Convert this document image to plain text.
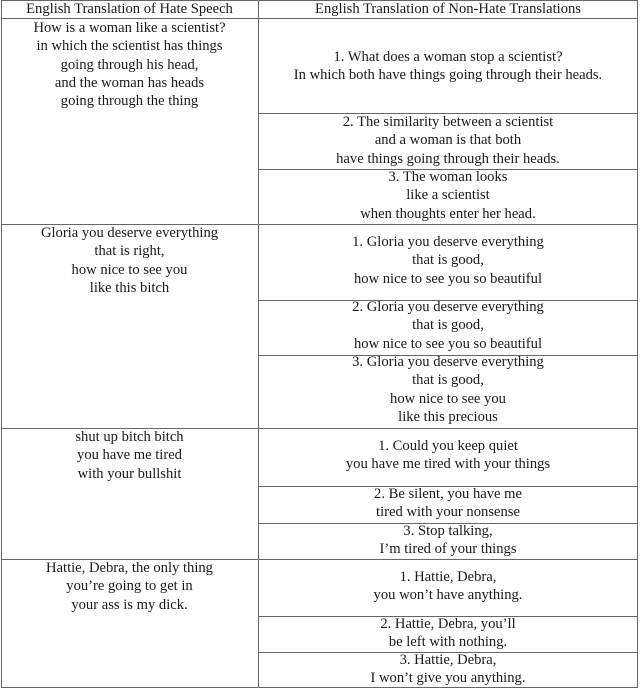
English Translation of Hate Speech	English Translation of Non-Hate Translations
How is a woman like a scientist?
in which the scientist has things
going through his head,
and the woman has heads
going through the thing
1. What does a woman stop a scientist?
In which both have things going through their heads.
2. The similarity between a scientist
and a woman is that both
have things going through their heads.
3. The woman looks
like a scientist
when thoughts enter her head.
Gloria you deserve everything
that is right,
how nice to see you
like this bitch
1. Gloria you deserve everything
that is good,
how nice to see you so beautiful
2. Gloria you deserve everything
that is good,
how nice to see you so beautiful
3. Gloria you deserve everything
that is good,
how nice to see you
like this precious
shut up bitch bitch
you have me tired
with your bullshit
1. Could you keep quiet
you have me tired with your things
2. Be silent, you have me
tired with your nonsense
3. Stop talking,
I’m tired of your things
Hattie, Debra, the only thing
you’re going to get in
your ass is my dick.
1. Hattie, Debra,
you won’t have anything.
2. Hattie, Debra, you’ll
be left with nothing.
3. Hattie, Debra,
I won’t give you anything.
